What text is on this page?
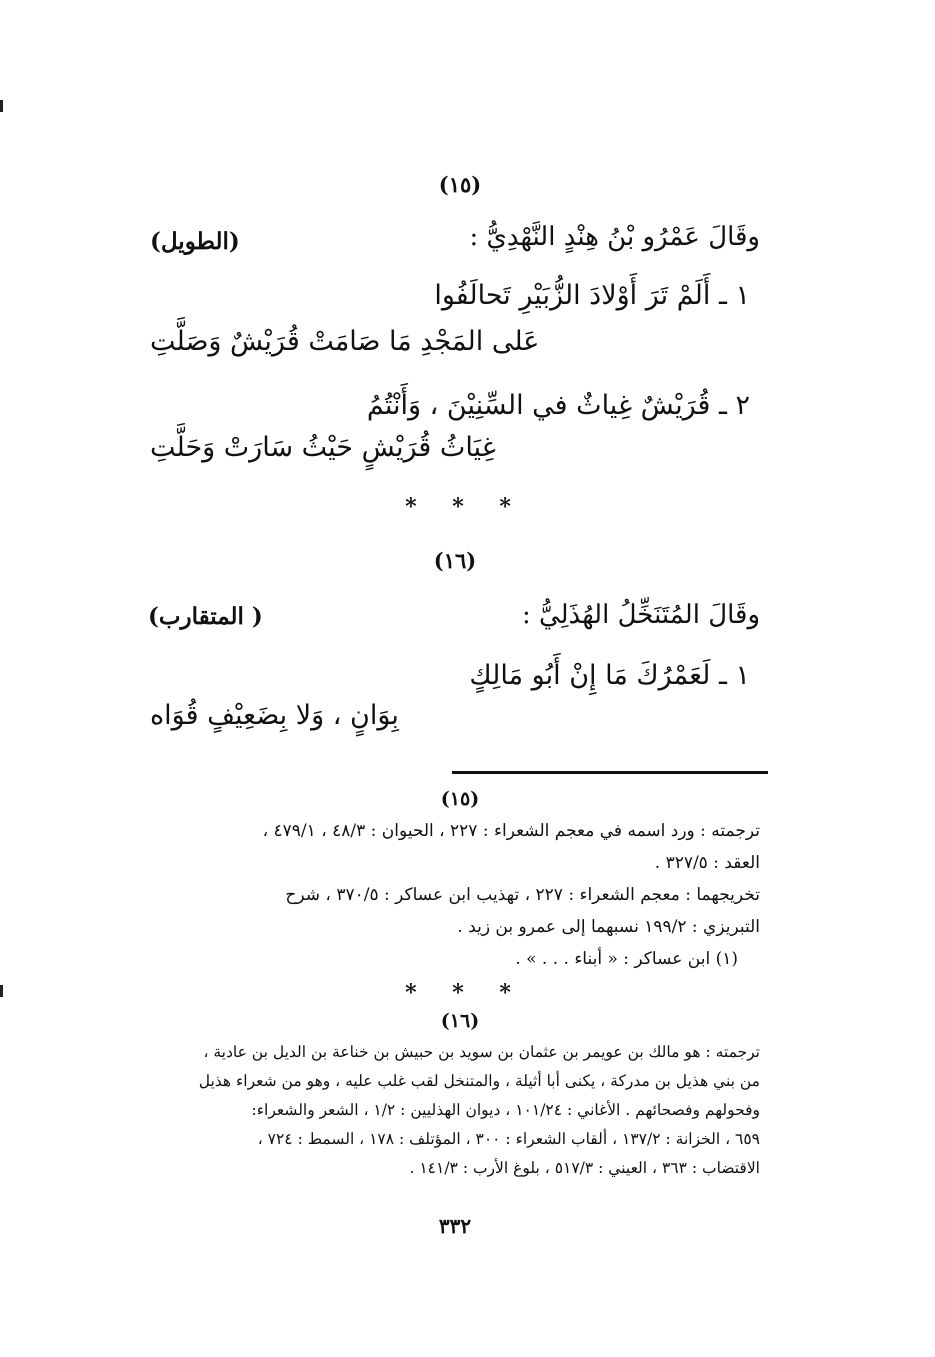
(١٥)
وقَالَ عَمْرُو بْنُ هِنْدٍ النَّهْدِيُّ :
(الطويل)
١ ـ أَلَمْ تَرَ أَوْلادَ الزُّبَيْرِ تَحالَفُوا
عَلى المَجْدِ مَا صَامَتْ قُرَيْشٌ وَصَلَّتِ
٢ ـ قُرَيْشٌ غِياثٌ في السِّنِيْنَ ، وَأَنْتُمُ
غِيَاثُ قُرَيْشٍ حَيْثُ سَارَتْ وَحَلَّتِ
* * *
(١٦)
وقَالَ المُتَنَخِّلُ الهُذَلِيُّ :
( المتقارب)
١ ـ لَعَمْرُكَ مَا إِنْ أَبُو مَالِكٍ
بِوَانٍ ، وَلا بِضَعِيْفٍ قُوَاه
(١٥)
ترجمته : ورد اسمه في معجم الشعراء : ٢٢٧ ، الحيوان : ٤٨/٣ ، ٤٧٩/١ ،
العقد : ٣٢٧/٥ .
تخريجهما : معجم الشعراء : ٢٢٧ ، تهذيب ابن عساكر : ٣٧٠/٥ ، شرح
التبريزي : ١٩٩/٢ نسبهما إلى عمرو بن زيد .
(١) ابن عساكر : « أبناء . . . » .
* * *
(١٦)
ترجمته : هو مالك بن عويمر بن عثمان بن سويد بن حبيش بن خناعة بن الديل بن عادية ،
من بني هذيل بن مدركة ، يكنى أبا أثيلة ، والمتنخل لقب غلب عليه ، وهو من شعراء هذيل
وفحولهم وفصحائهم . الأغاني : ١٠١/٢٤ ، ديوان الهذليين : ١/٢ ، الشعر والشعراء:
٦٥٩ ، الخزانة : ١٣٧/٢ ، ألقاب الشعراء : ٣٠٠ ، المؤتلف : ١٧٨ ، السمط : ٧٢٤ ،
الاقتضاب : ٣٦٣ ، العيني : ٥١٧/٣ ، بلوغ الأرب : ١٤١/٣ .
٣٣٢
